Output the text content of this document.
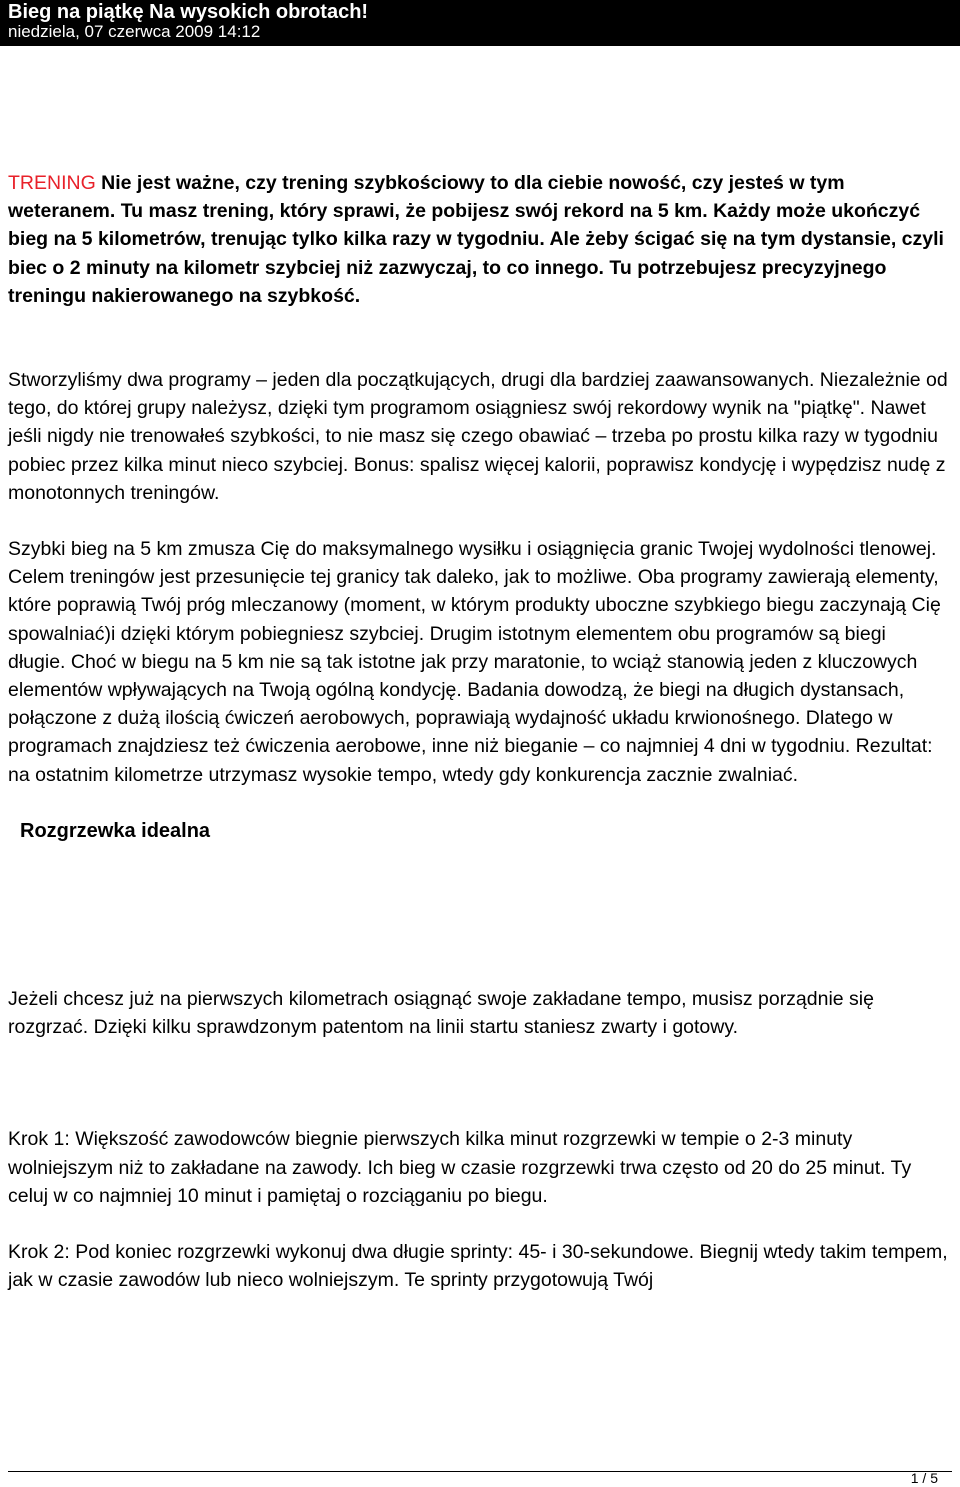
Bieg na piątkę Na wysokich obrotach!

niedziela, 07 czerwca 2009 14:12

TRENING Nie jest ważne, czy trening szybkościowy to dla ciebie nowość, czy jesteś w tym weteranem. Tu masz trening, który sprawi, że pobijesz swój rekord na 5 km. Każdy może ukończyć bieg na 5 kilometrów, trenując tylko kilka razy w tygodniu. Ale żeby ścigać się na tym dystansie, czyli biec o 2 minuty na kilometr szybciej niż zazwyczaj, to co innego. Tu potrzebujesz precyzyjnego treningu nakierowanego na szybkość.

Stworzyliśmy dwa programy – jeden dla początkujących, drugi dla bardziej zaawansowanych. Niezależnie od tego, do której grupy należysz, dzięki tym programom osiągniesz swój rekordowy wynik na "piątkę". Nawet jeśli nigdy nie trenowałeś szybkości, to nie masz się czego obawiać – trzeba po prostu kilka razy w tygodniu pobiec przez kilka minut nieco szybciej. Bonus: spalisz więcej kalorii, poprawisz kondycję i wypędzisz nudę z monotonnych treningów.

Szybki bieg na 5 km zmusza Cię do maksymalnego wysiłku i osiągnięcia granic Twojej wydolności tlenowej. Celem treningów jest przesunięcie tej granicy tak daleko, jak to możliwe. Oba programy zawierają elementy, które poprawią Twój próg mleczanowy (moment, w którym produkty uboczne szybkiego biegu zaczynają Cię spowalniać)i dzięki którym pobiegniesz szybciej. Drugim istotnym elementem obu programów są biegi długie. Choć w biegu na 5 km nie są tak istotne jak przy maratonie, to wciąż stanowią jeden z kluczowych elementów wpływających na Twoją ogólną kondycję. Badania dowodzą, że biegi na długich dystansach, połączone z dużą ilością ćwiczeń aerobowych, poprawiają wydajność układu krwionośnego. Dlatego w programach znajdziesz też ćwiczenia aerobowe, inne niż bieganie – co najmniej 4 dni w tygodniu. Rezultat: na ostatnim kilometrze utrzymasz wysokie tempo, wtedy gdy konkurencja zacznie zwalniać.

Rozgrzewka idealna

Jeżeli chcesz już na pierwszych kilometrach osiągnąć swoje zakładane tempo, musisz porządnie się rozgrzać. Dzięki kilku sprawdzonym patentom na linii startu staniesz zwarty i gotowy.

Krok 1: Większość zawodowców biegnie pierwszych kilka minut rozgrzewki w tempie o 2-3 minuty wolniejszym niż to zakładane na zawody. Ich bieg w czasie rozgrzewki trwa często od 20 do 25 minut. Ty celuj w co najmniej 10 minut i pamiętaj o rozciąganiu po biegu.

Krok 2: Pod koniec rozgrzewki wykonuj dwa długie sprinty: 45- i 30-sekundowe. Biegnij wtedy takim tempem, jak w czasie zawodów lub nieco wolniejszym. Te sprinty przygotowują Twój

1 / 5
